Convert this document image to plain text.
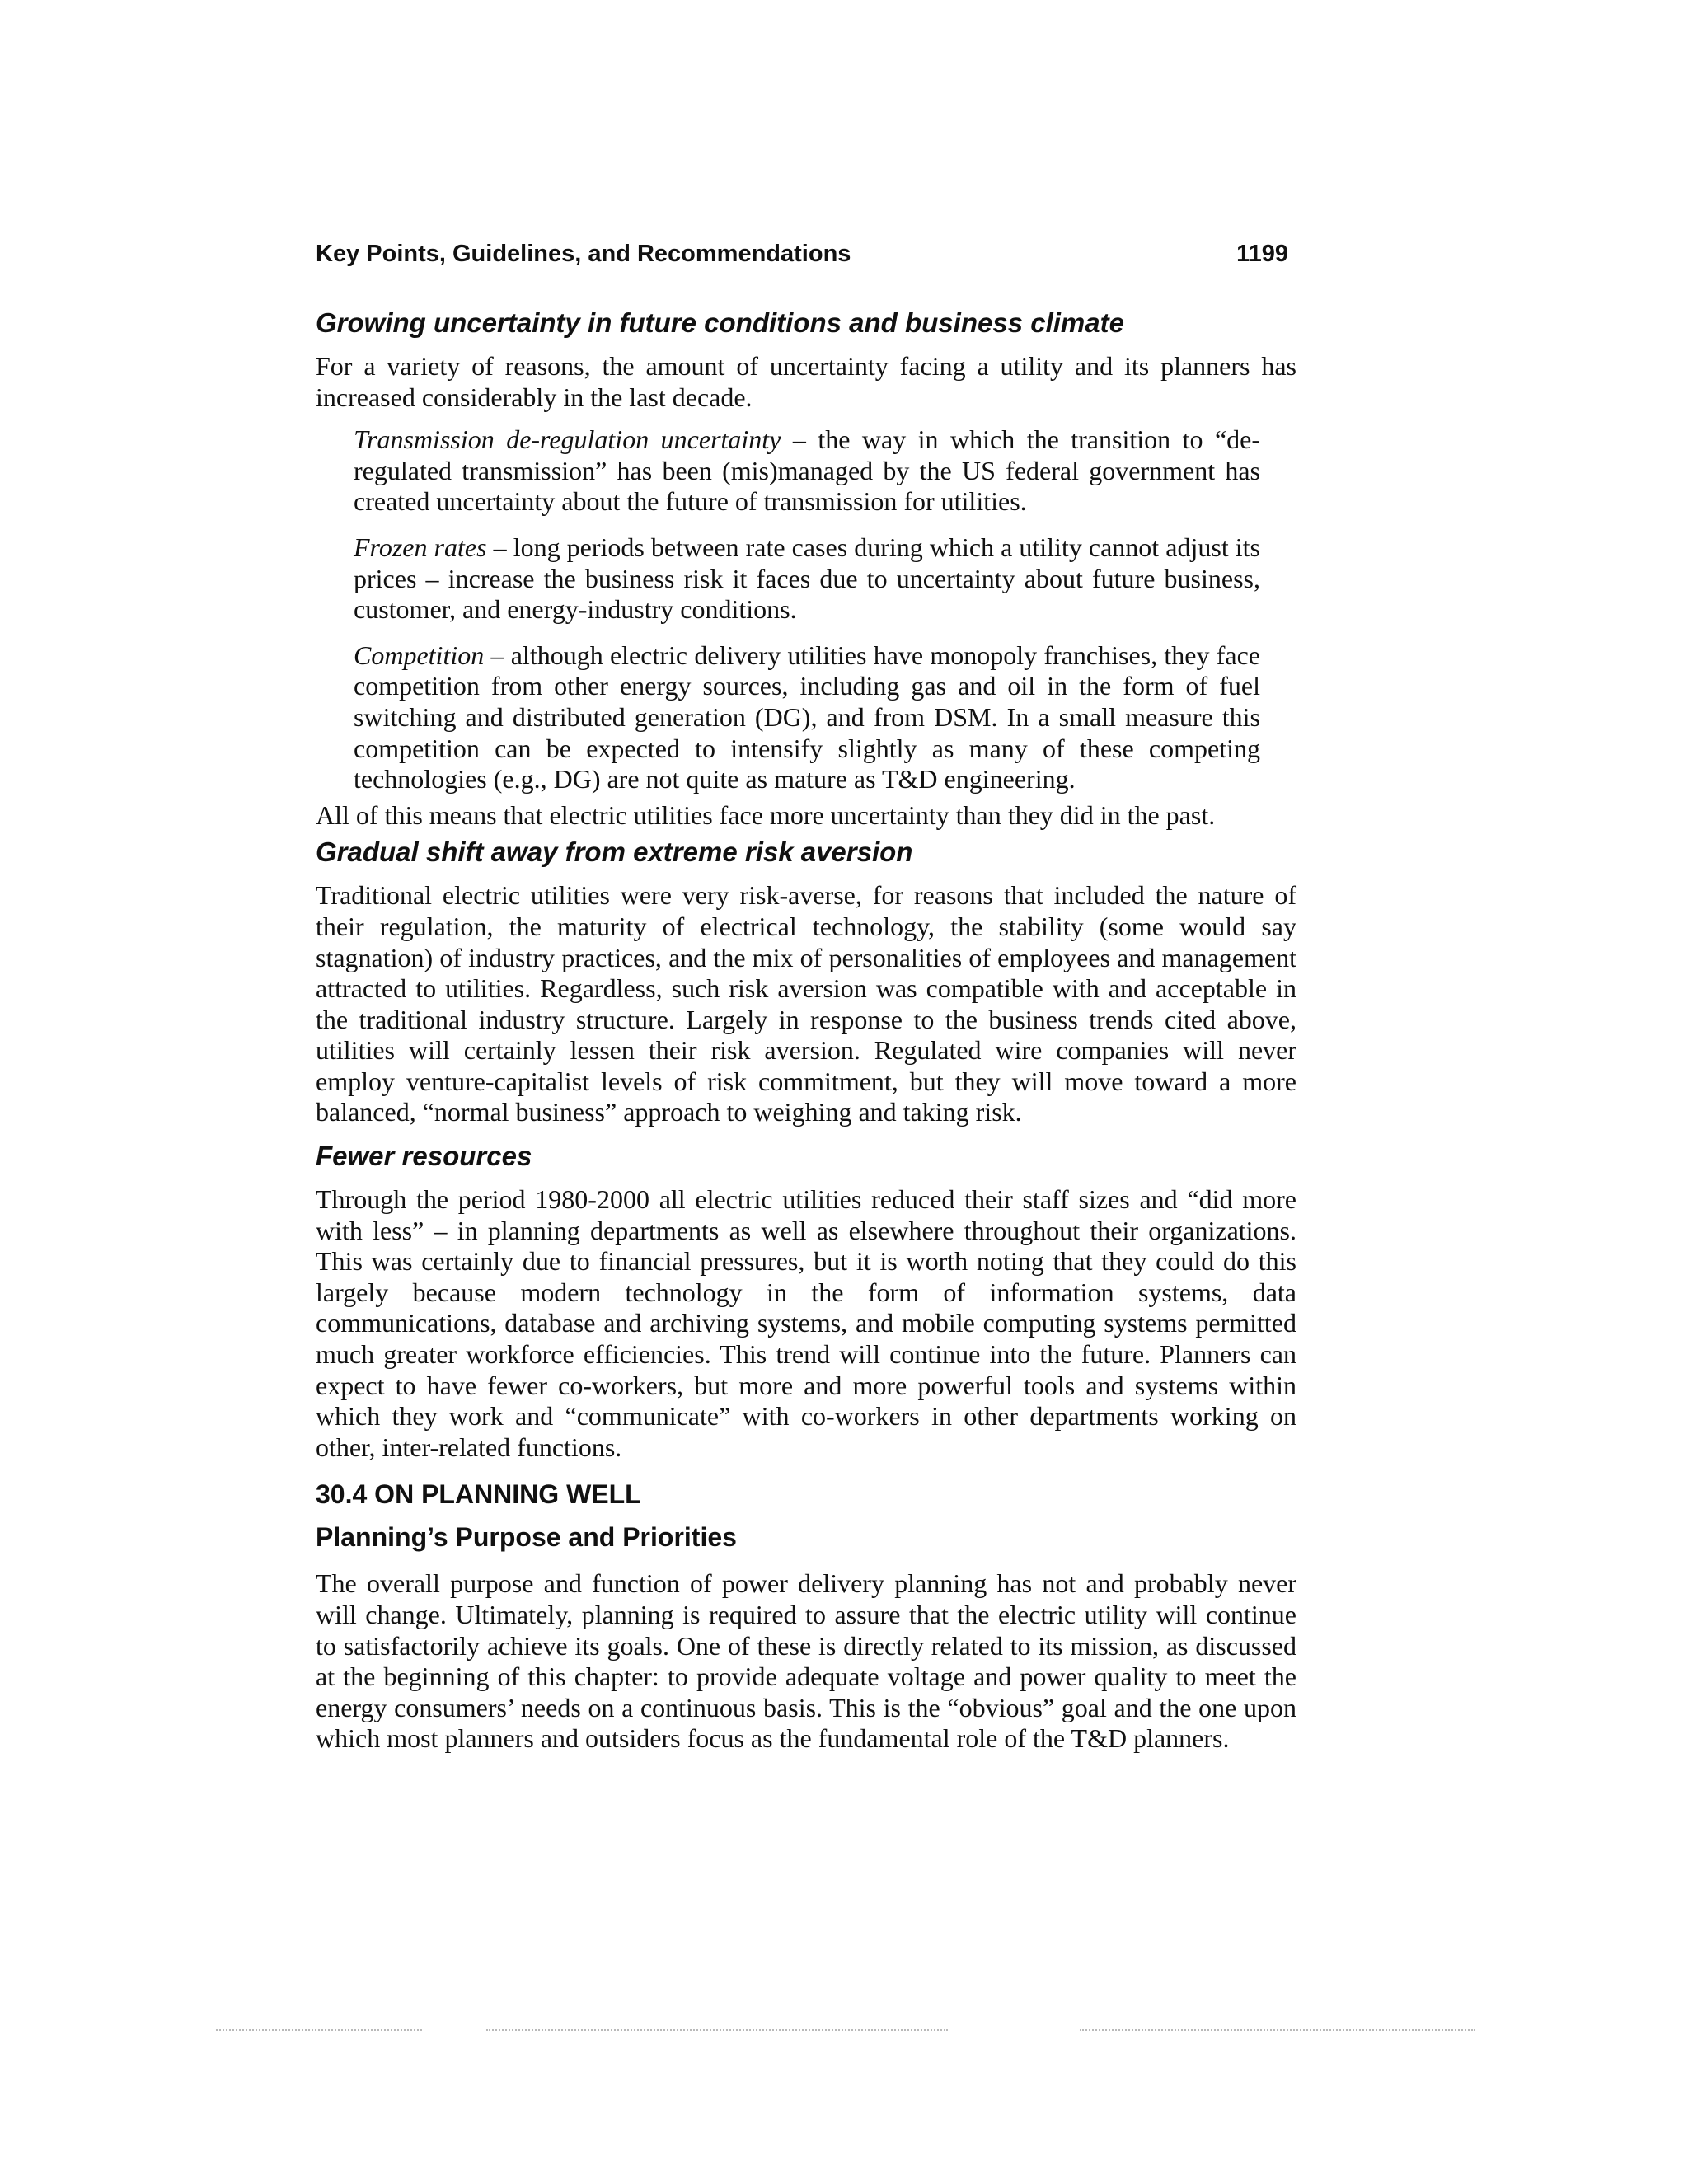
Key Points, Guidelines, and Recommendations	1199
Growing uncertainty in future conditions and business climate

For a variety of reasons, the amount of uncertainty facing a utility and its planners has increased considerably in the last decade.

Transmission de-regulation uncertainty – the way in which the transition to “de-regulated transmission” has been (mis)managed by the US federal government has created uncertainty about the future of transmission for utilities.

Frozen rates – long periods between rate cases during which a utility cannot adjust its prices – increase the business risk it faces due to uncertainty about future business, customer, and energy-industry conditions.

Competition – although electric delivery utilities have monopoly franchises, they face competition from other energy sources, including gas and oil in the form of fuel switching and distributed generation (DG), and from DSM. In a small measure this competition can be expected to intensify slightly as many of these competing technologies (e.g., DG) are not quite as mature as T&D engineering.

All of this means that electric utilities face more uncertainty than they did in the past.

Gradual shift away from extreme risk aversion

Traditional electric utilities were very risk-averse, for reasons that included the nature of their regulation, the maturity of electrical technology, the stability (some would say stagnation) of industry practices, and the mix of personalities of employees and management attracted to utilities. Regardless, such risk aversion was compatible with and acceptable in the traditional industry structure. Largely in response to the business trends cited above, utilities will certainly lessen their risk aversion. Regulated wire companies will never employ venture-capitalist levels of risk commitment, but they will move toward a more balanced, “normal business” approach to weighing and taking risk.

Fewer resources

Through the period 1980-2000 all electric utilities reduced their staff sizes and “did more with less” – in planning departments as well as elsewhere throughout their organizations. This was certainly due to financial pressures, but it is worth noting that they could do this largely because modern technology in the form of information systems, data communications, database and archiving systems, and mobile computing systems permitted much greater workforce efficiencies. This trend will continue into the future. Planners can expect to have fewer co-workers, but more and more powerful tools and systems within which they work and “communicate” with co-workers in other departments working on other, inter-related functions.

30.4 ON PLANNING WELL
Planning’s Purpose and Priorities

The overall purpose and function of power delivery planning has not and probably never will change. Ultimately, planning is required to assure that the electric utility will continue to satisfactorily achieve its goals. One of these is directly related to its mission, as discussed at the beginning of this chapter: to provide adequate voltage and power quality to meet the energy consumers’ needs on a continuous basis. This is the “obvious” goal and the one upon which most planners and outsiders focus as the fundamental role of the T&D planners.
